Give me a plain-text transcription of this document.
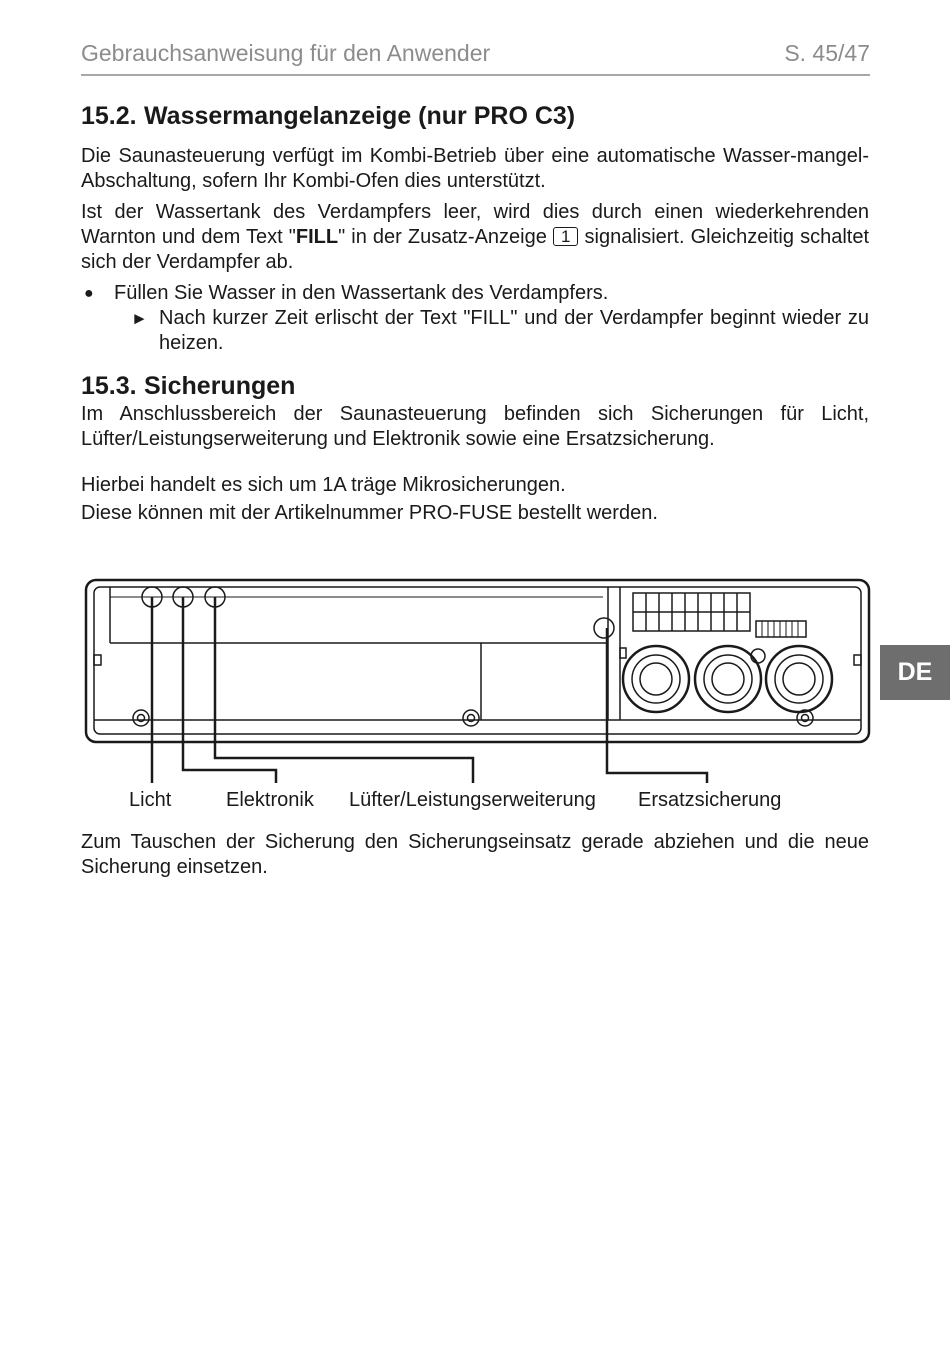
Gebrauchsanweisung für den Anwender	S. 45/47
15.2. Wassermangelanzeige (nur PRO C3)

Die Saunasteuerung verfügt im Kombi-Betrieb über eine automatische Wasser-mangel-Abschaltung, sofern Ihr Kombi-Ofen dies unterstützt.

Ist der Wassertank des Verdampfers leer, wird dies durch einen wiederkehrenden Warnton und dem Text "FILL" in der Zusatz-Anzeige 1 signalisiert. Gleichzeitig schaltet sich der Verdampfer ab.

● Füllen Sie Wasser in den Wassertank des Verdampfers.

► Nach kurzer Zeit erlischt der Text "FILL" und der Verdampfer beginnt wieder zu heizen.

15.3. Sicherungen

Im Anschlussbereich der Saunasteuerung befinden sich Sicherungen für Licht, Lüfter/Leistungserweiterung und Elektronik sowie eine Ersatzsicherung.

Hierbei handelt es sich um 1A träge Mikrosicherungen.

Diese können mit der Artikelnummer PRO-FUSE bestellt werden.

Licht	Elektronik Lüfter/Leistungserweiterung Ersatzsicherung

Zum Tauschen der Sicherung den Sicherungseinsatz gerade abziehen und die neue Sicherung einsetzen.

DE
